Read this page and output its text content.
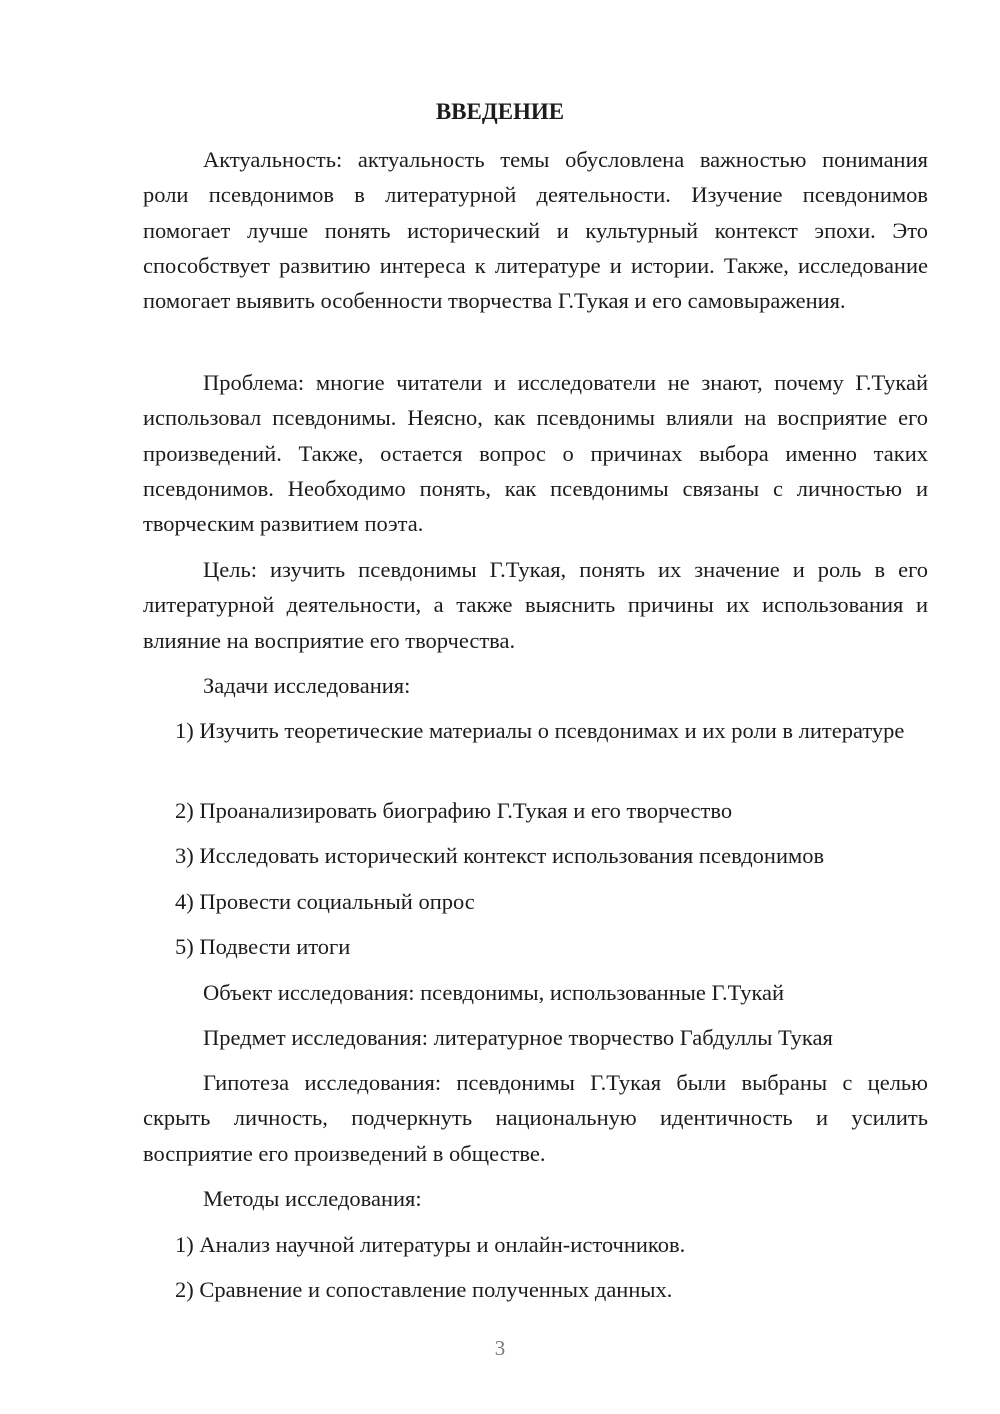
ВВЕДЕНИЕ
Актуальность: актуальность темы обусловлена важностью понимания роли псевдонимов в литературной деятельности. Изучение псевдонимов помогает лучше понять исторический и культурный контекст эпохи. Это способствует развитию интереса к литературе и истории. Также, исследование помогает выявить особенности творчества Г.Тукая и его самовыражения.
Проблема: многие читатели и исследователи не знают, почему Г.Тукай использовал псевдонимы. Неясно, как псевдонимы влияли на восприятие его произведений. Также, остается вопрос о причинах выбора именно таких псевдонимов. Необходимо понять, как псевдонимы связаны с личностью и творческим развитием поэта.
Цель: изучить псевдонимы Г.Тукая, понять их значение и роль в его литературной деятельности, а также выяснить причины их использования и влияние на восприятие его творчества.
Задачи исследования:
1) Изучить теоретические материалы о псевдонимах и их роли в литературе
2) Проанализировать биографию Г.Тукая и его творчество
3) Исследовать исторический контекст использования псевдонимов
4) Провести социальный опрос
5) Подвести итоги
Объект исследования: псевдонимы, использованные Г.Тукай
Предмет исследования: литературное творчество Габдуллы Тукая
Гипотеза исследования: псевдонимы Г.Тукая были выбраны с целью скрыть личность, подчеркнуть национальную идентичность и усилить восприятие его произведений в обществе.
Методы исследования:
1) Анализ научной литературы и онлайн-источников.
2) Сравнение и сопоставление полученных данных.
3
